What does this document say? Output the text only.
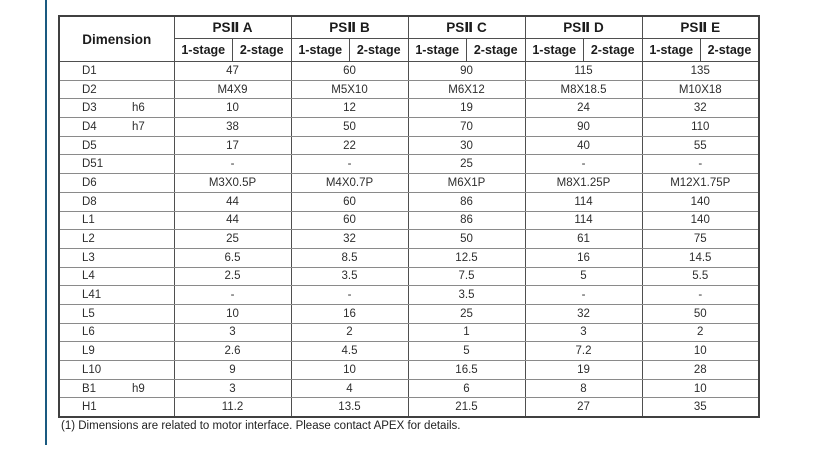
Dimension	PSⅡ A		PSⅡ B		PSⅡ C		PSⅡ D		PSⅡ E	
	1-stage	2-stage	1-stage	2-stage	1-stage	2-stage	1-stage	2-stage	1-stage	2-stage
D1	47		60		90		115		135	
D2	M4X9		M5X10		M6X12		M8X18.5		M10X18	
D3 h6	10		12		19		24		32	
D4 h7	38		50		70		90		110	
D5	17		22		30		40		55	
D51	-		-		25		-		-	
D6	M3X0.5P		M4X0.7P		M6X1P		M8X1.25P		M12X1.75P	
D8	44		60		86		114		140	
L1	44		60		86		114		140	
L2	25		32		50		61		75	
L3	6.5		8.5		12.5		16		14.5	
L4	2.5		3.5		7.5		5		5.5	
L41	-		-		3.5		-		-	
L5	10		16		25		32		50	
L6	3		2		1		3		2	
L9	2.6		4.5		5		7.2		10	
L10	9		10		16.5		19		28	
B1 h9	3		4		6		8		10	
H1	11.2		13.5		21.5		27		35	
(1) Dimensions are related to motor interface. Please contact APEX for details.
